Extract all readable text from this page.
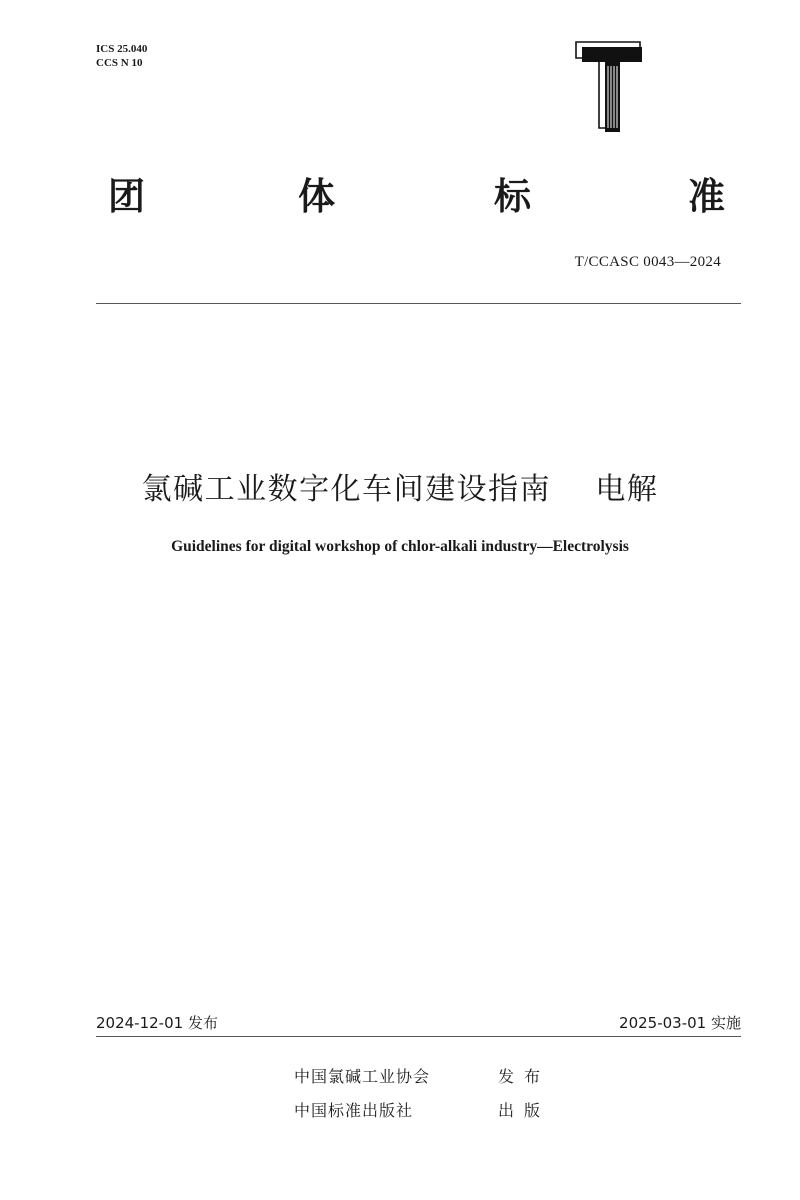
ICS 25.040
CCS N 10
T
团	体	标	准
T/CCASC 0043—2024
氯碱工业数字化车间建设指南    电解
Guidelines for digital workshop of chlor-alkali industry—Electrolysis
2024-12-01 发布	2025-03-01 实施
中国氯碱工业协会	发布
中国标准出版社	出版
